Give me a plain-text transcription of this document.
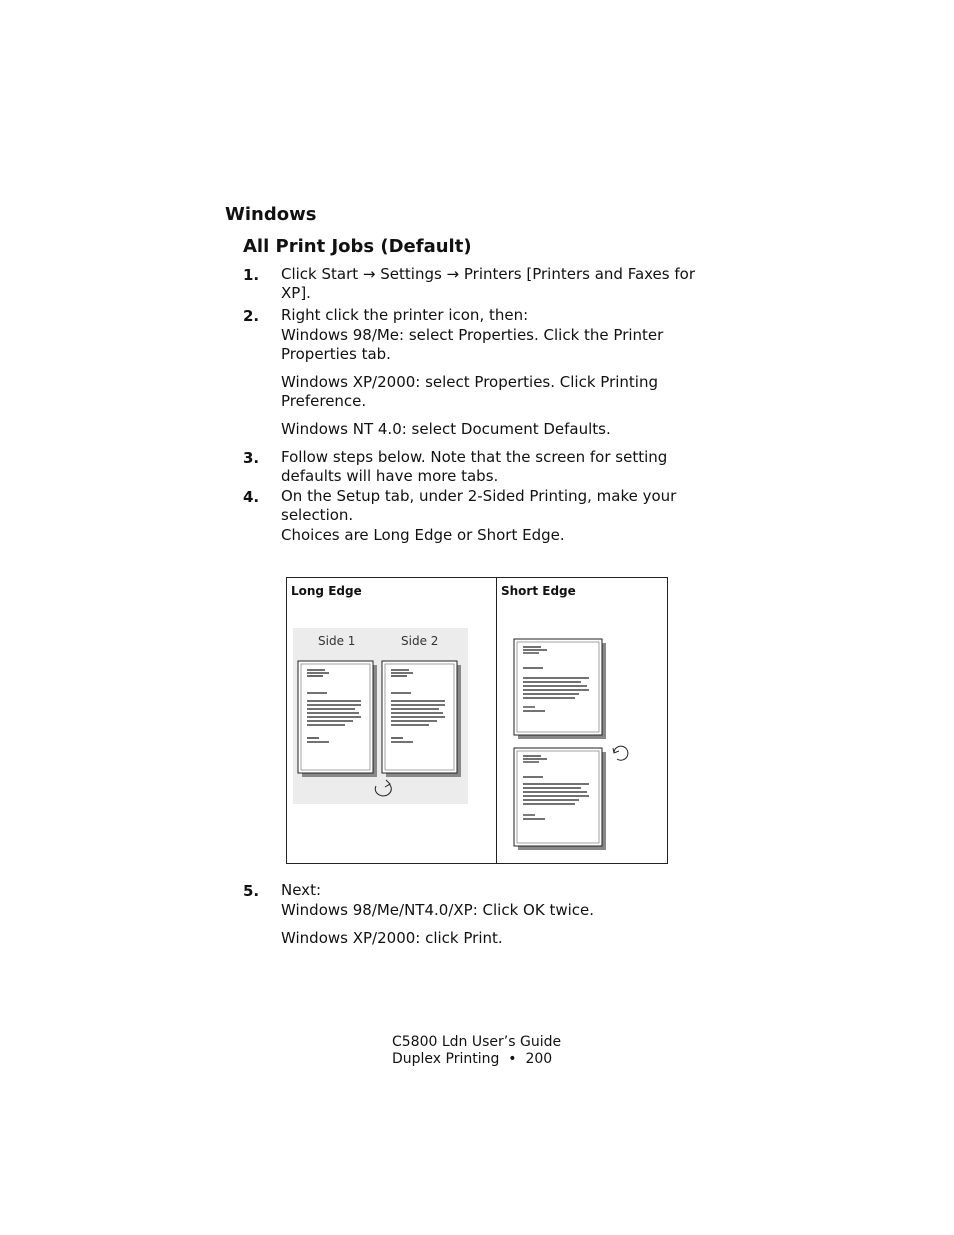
Windows
All Print Jobs (Default)
1. Click Start → Settings → Printers [Printers and Faxes for XP].
2. Right click the printer icon, then:
Windows 98/Me: select Properties. Click the Printer Properties tab.
Windows XP/2000: select Properties. Click Printing Preference.
Windows NT 4.0: select Document Defaults.
3. Follow steps below. Note that the screen for setting defaults will have more tabs.
4. On the Setup tab, under 2-Sided Printing, make your selection.
Choices are Long Edge or Short Edge.
Long Edge	Short Edge
Side 1	Side 2
5. Next:
Windows 98/Me/NT4.0/XP: Click OK twice.
Windows XP/2000: click Print.
C5800 Ldn User’s Guide
Duplex Printing  •  200
